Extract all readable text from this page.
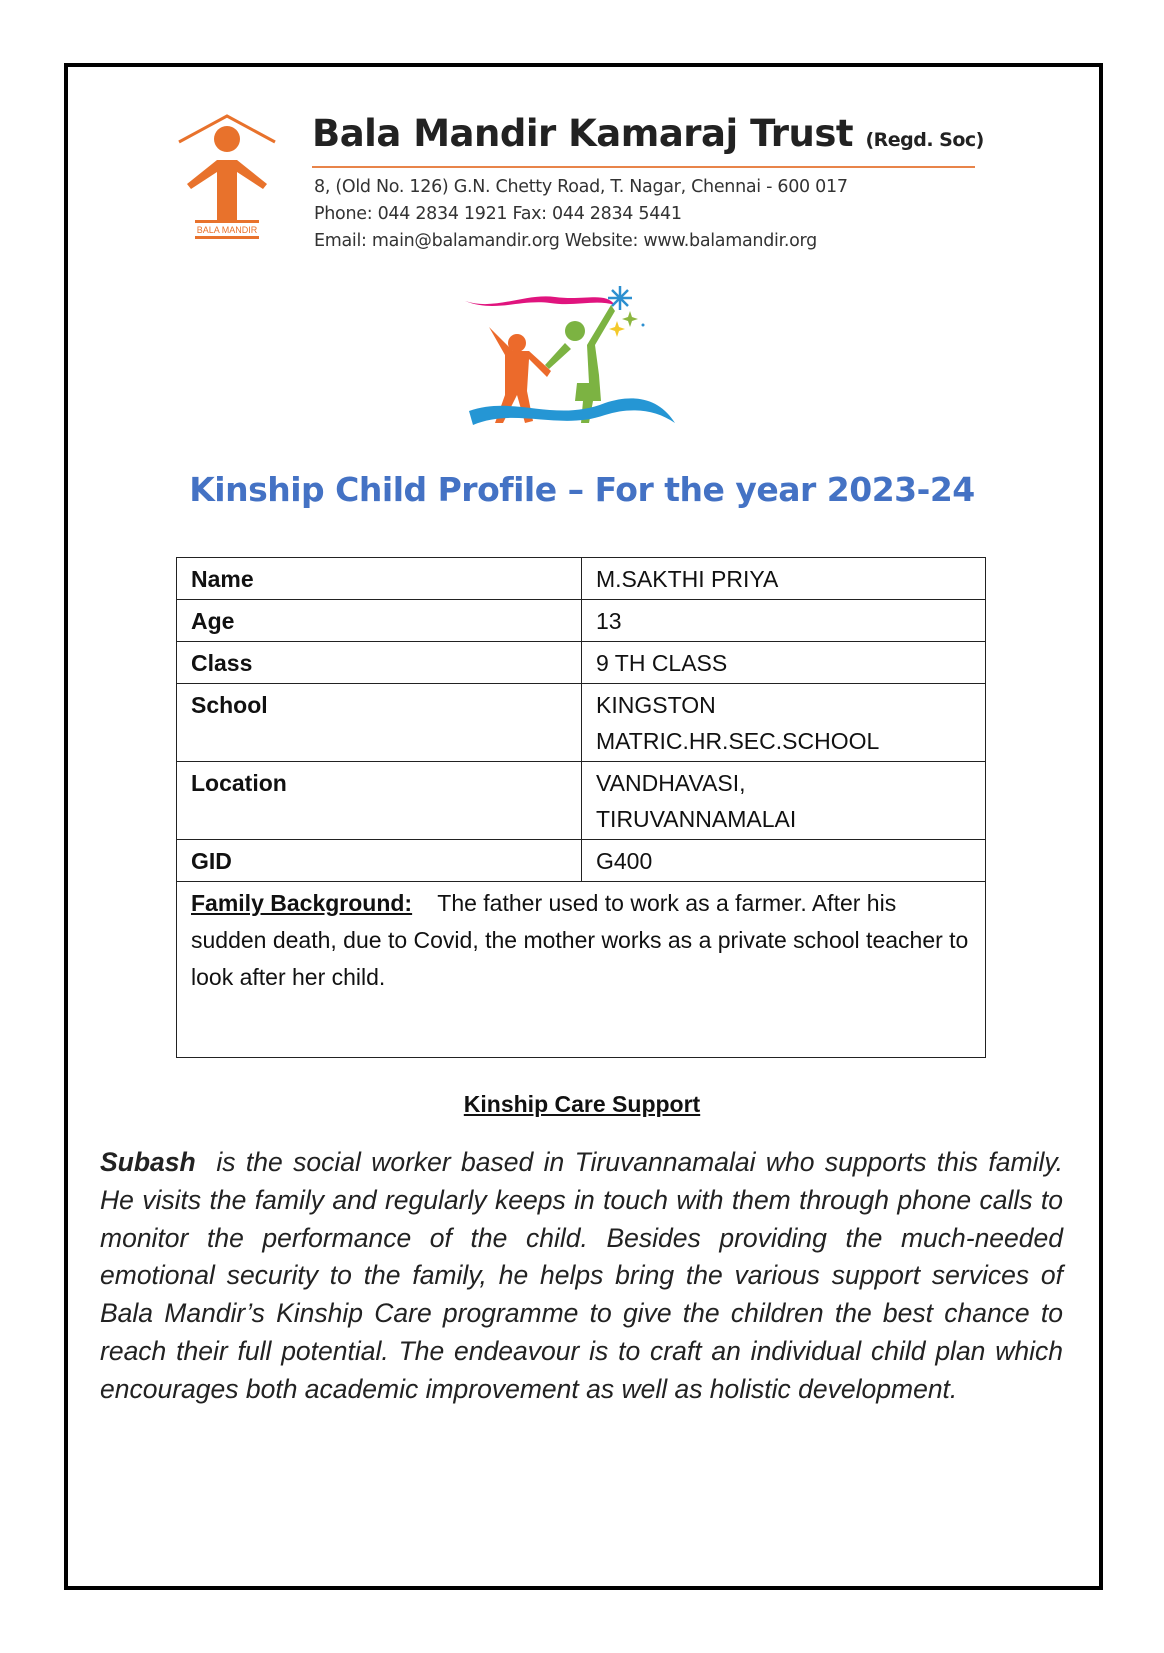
BALA MANDIR
Bala Mandir Kamaraj Trust (Regd. Soc)
8, (Old No. 126) G.N. Chetty Road, T. Nagar, Chennai - 600 017
Phone: 044 2834 1921 Fax: 044 2834 5441
Email: main@balamandir.org Website: www.balamandir.org
Kinship Child Profile – For the year 2023-24
Name	M.SAKTHI PRIYA
Age	13
Class	9 TH CLASS
School	KINGSTON
MATRIC.HR.SEC.SCHOOL
Location	VANDHAVASI,
TIRUVANNAMALAI
GID	G400
Family Background: The father used to work as a farmer. After his sudden death, due to Covid, the mother works as a private school teacher to look after her child.	
Kinship Care Support
Subash is the social worker based in Tiruvannamalai who supports this family. He visits the family and regularly keeps in touch with them through phone calls to monitor the performance of the child. Besides providing the much-needed emotional security to the family, he helps bring the various support services of Bala Mandir’s Kinship Care programme to give the children the best chance to reach their full potential. The endeavour is to craft an individual child plan which encourages both academic improvement as well as holistic development.
